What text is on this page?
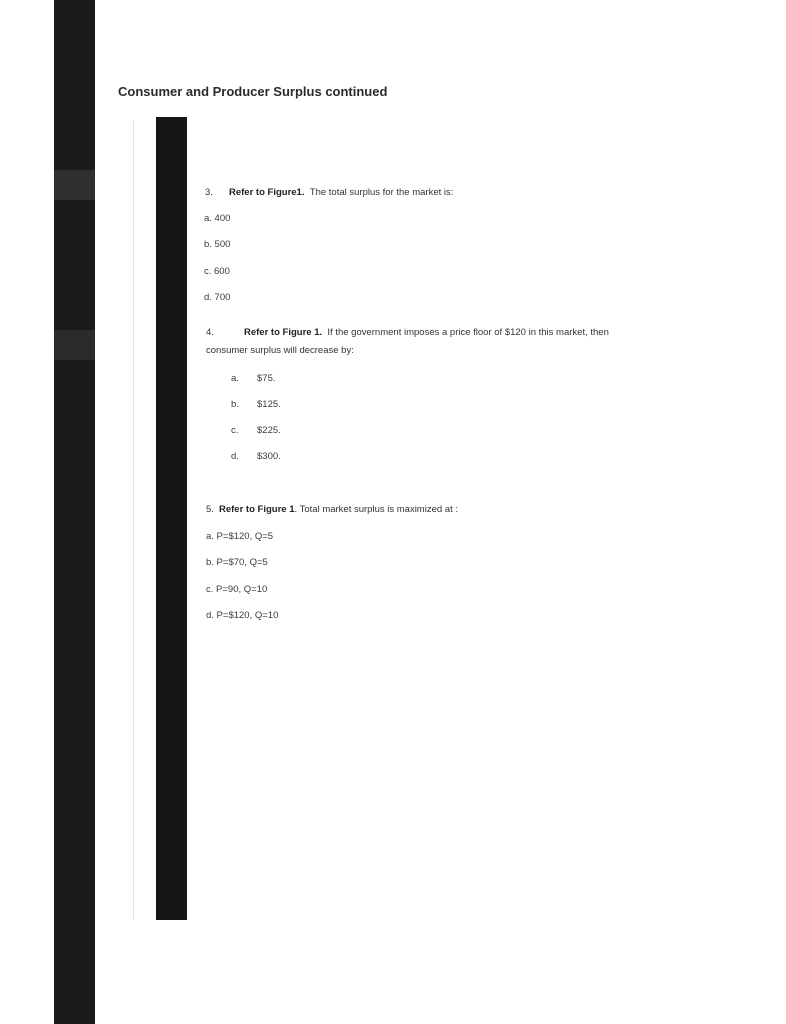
Consumer and Producer Surplus continued
3. Refer to Figure1. The total surplus for the market is:
a. 400
b. 500
c. 600
d. 700
4.	Refer to Figure 1. If the government imposes a price floor of $120 in this market, then
consumer surplus will decrease by:
a. $75.
b. $125.
c. $225.
d. $300.
5. Refer to Figure 1. Total market surplus is maximized at :
a. P=$120, Q=5
b. P=$70, Q=5
c. P=90, Q=10
d. P=$120, Q=10
